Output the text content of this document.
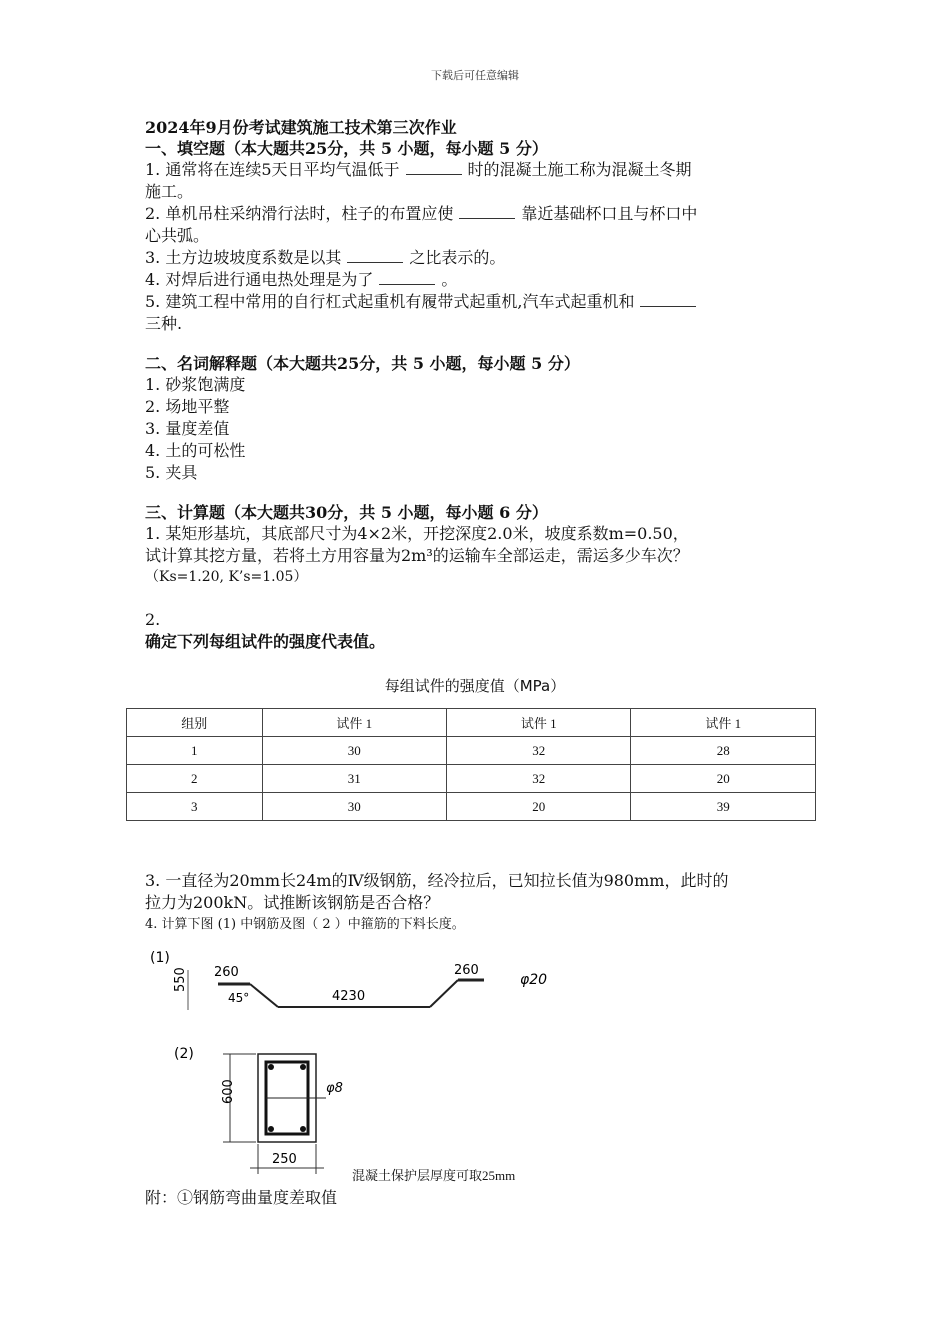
下载后可任意编辑
2024年9月份考试建筑施工技术第三次作业
一、填空题（本大题共25分，共 5 小题，每小题 5 分）
1. 通常将在连续5天日平均气温低于	时的混凝土施工称为混凝土冬期
施工。
2. 单机吊柱采纳滑行法时，柱子的布置应使	靠近基础杯口且与杯口中
心共弧。
3. 土方边坡坡度系数是以其	之比表示的。
4. 对焊后进行通电热处理是为了	。
5. 建筑工程中常用的自行杠式起重机有履带式起重机,汽车式起重机和
三种.
二、名词解释题（本大题共25分，共 5 小题，每小题 5 分）
1. 砂浆饱满度
2. 场地平整
3. 量度差值
4. 土的可松性
5. 夹具
三、计算题（本大题共30分，共 5 小题，每小题 6 分）
1. 某矩形基坑，其底部尺寸为4×2米，开挖深度2.0米，坡度系数m=0.50，
试计算其挖方量，若将土方用容量为2m³的运输车全部运走，需运多少车次？
（Ks=1.20, K’s=1.05）
2.
确定下列每组试件的强度代表值。
每组试件的强度值（MPa）
组别	试件 1	试件 1	试件 1
1	30	32	28
2	31	32	20
3	30	20	39
3. 一直径为20mm长24m的Ⅳ级钢筋，经冷拉后，已知拉长值为980mm，此时的
拉力为200kN。试推断该钢筋是否合格？
4. 计算下图 (1) 中钢筋及图（ 2 ）中箍筋的下料长度。
(1)
550 260
45°	4230
260
φ20
(2)
600
250
φ8
混凝土保护层厚度可取25mm
附：①钢筋弯曲量度差取值
